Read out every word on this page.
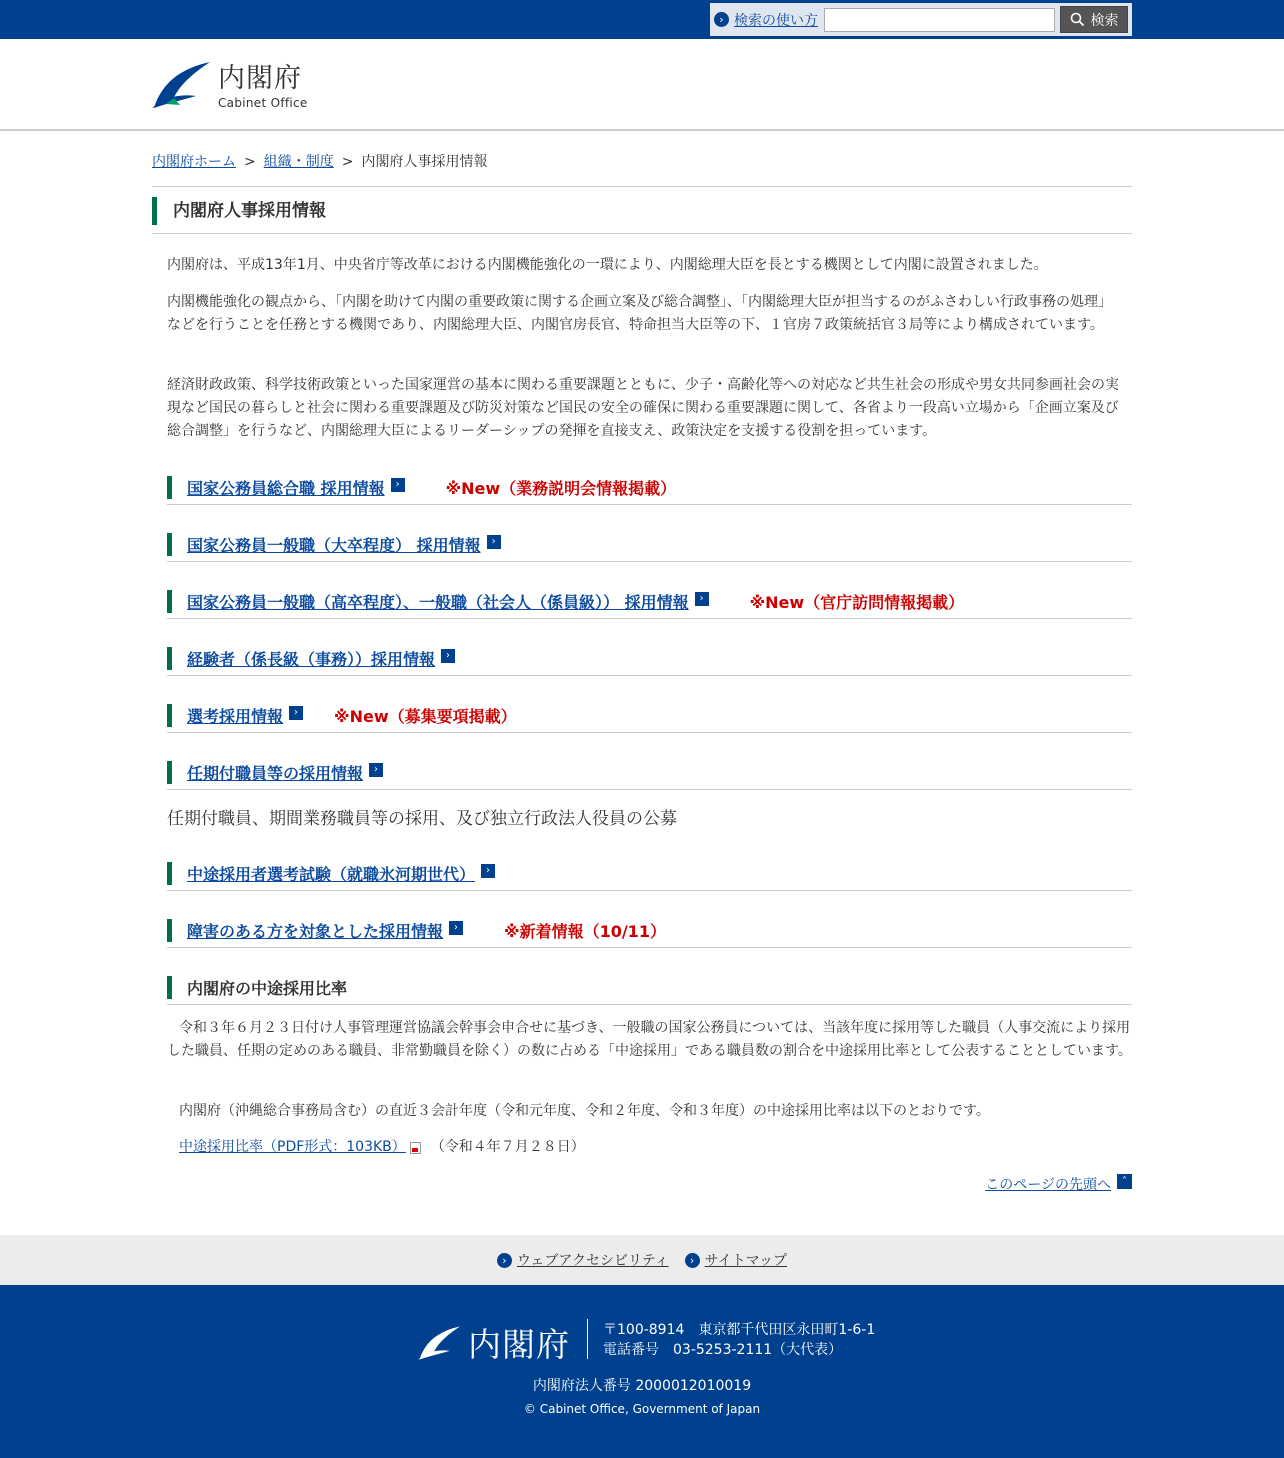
› 検索の使い方	検索
内閣府
Cabinet Office
内閣府ホーム > 組織・制度 > 内閣府人事採用情報
内閣府人事採用情報

内閣府は、平成13年1月、中央省庁等改革における内閣機能強化の一環により、内閣総理大臣を長とする機関として内閣に設置されました。

内閣機能強化の観点から、「内閣を助けて内閣の重要政策に関する企画立案及び総合調整」、「内閣総理大臣が担当するのがふさわしい行政事務の処理」などを行うことを任務とする機関であり、内閣総理大臣、内閣官房長官、特命担当大臣等の下、１官房７政策統括官３局等により構成されています。

経済財政政策、科学技術政策といった国家運営の基本に関わる重要課題とともに、少子・高齢化等への対応など共生社会の形成や男女共同参画社会の実現など国民の暮らしと社会に関わる重要課題及び防災対策など国民の安全の確保に関わる重要課題に関して、各省より一段高い立場から「企画立案及び総合調整」を行うなど、内閣総理大臣によるリーダーシップの発揮を直接支え、政策決定を支援する役割を担っています。

国家公務員総合職 採用情報	›	※New（業務説明会情報掲載）
国家公務員一般職（大卒程度） 採用情報	›
国家公務員一般職（高卒程度）、一般職（社会人（係員級）） 採用情報	›	※New（官庁訪問情報掲載）
経験者（係長級（事務））採用情報	›
選考採用情報	›	※New（募集要項掲載）
任期付職員等の採用情報	›
任期付職員、期間業務職員等の採用、及び独立行政法人役員の公募
中途採用者選考試験（就職氷河期世代）	›
障害のある方を対象とした採用情報	›	※新着情報（10/11）
内閣府の中途採用比率

令和３年６月２３日付け人事管理運営協議会幹事会申合せに基づき、一般職の国家公務員については、当該年度に採用等した職員（人事交流により採用した職員、任期の定めのある職員、非常勤職員を除く）の数に占める「中途採用」である職員数の割合を中途採用比率として公表することとしています。

内閣府（沖縄総合事務局含む）の直近３会計年度（令和元年度、令和２年度、令和３年度）の中途採用比率は以下のとおりです。

中途採用比率（PDF形式：103KB） （令和４年７月２８日）
このページの先頭へ	˄
› ウェブアクセシビリティ	› サイトマップ
内閣府 〒100-8914　東京都千代田区永田町1-6-1
電話番号　03-5253-2111（大代表）
内閣府法人番号 2000012010019
© Cabinet Office, Government of Japan
